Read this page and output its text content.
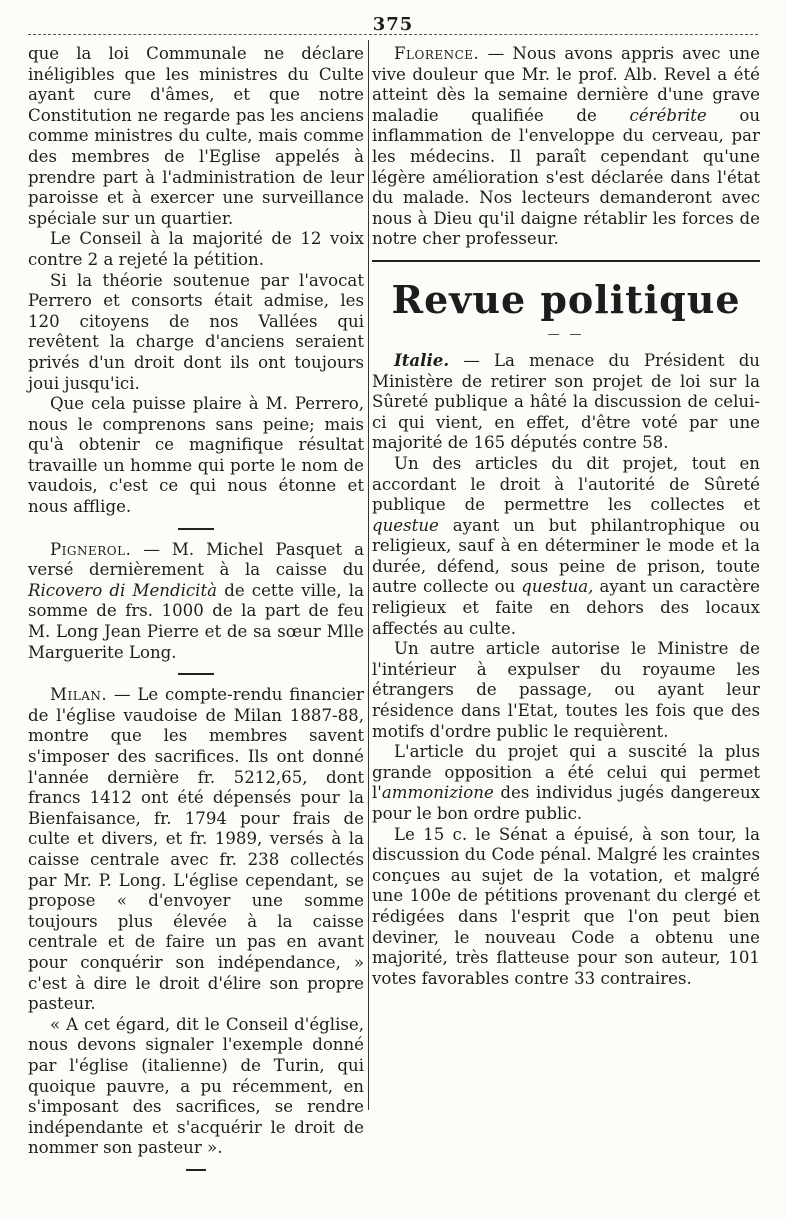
375

que la loi Communale ne déclare inéligibles que les ministres du Culte ayant cure d'âmes, et que notre Constitution ne regarde pas les anciens comme ministres du culte, mais comme des membres de l'Eglise appelés à prendre part à l'administration de leur paroisse et à exercer une surveillance spéciale sur un quartier.

Le Conseil à la majorité de 12 voix contre 2 a rejeté la pétition.

Si la théorie soutenue par l'avocat Perrero et consorts était admise, les 120 citoyens de nos Vallées qui revêtent la charge d'anciens seraient privés d'un droit dont ils ont toujours joui jusqu'ici.

Que cela puisse plaire à M. Perrero, nous le comprenons sans peine; mais qu'à obtenir ce magnifique résultat travaille un homme qui porte le nom de vaudois, c'est ce qui nous étonne et nous afflige.

Pignerol. — M. Michel Pasquet a versé dernièrement à la caisse du Ricovero di Mendicità de cette ville, la somme de frs. 1000 de la part de feu M. Long Jean Pierre et de sa sœur Mlle Marguerite Long.

Milan. — Le compte-rendu financier de l'église vaudoise de Milan 1887-88, montre que les membres savent s'imposer des sacrifices. Ils ont donné l'année dernière fr. 5212,65, dont francs 1412 ont été dépensés pour la Bienfaisance, fr. 1794 pour frais de culte et divers, et fr. 1989, versés à la caisse centrale avec fr. 238 collectés par Mr. P. Long. L'église cependant, se propose « d'envoyer une somme toujours plus élevée à la caisse centrale et de faire un pas en avant pour conquérir son indépendance, » c'est à dire le droit d'élire son propre pasteur.

« A cet égard, dit le Conseil d'église, nous devons signaler l'exemple donné par l'église (italienne) de Turin, qui quoique pauvre, a pu récemment, en s'imposant des sacrifices, se rendre indépendante et s'acquérir le droit de nommer son pasteur ».

Florence. — Nous avons appris avec une vive douleur que Mr. le prof. Alb. Revel a été atteint dès la semaine dernière d'une grave maladie qualifiée de cérébrite ou inflammation de l'enveloppe du cerveau, par les médecins. Il paraît cependant qu'une légère amélioration s'est déclarée dans l'état du malade. Nos lecteurs demanderont avec nous à Dieu qu'il daigne rétablir les forces de notre cher professeur.

Revue politique
— —

Italie. — La menace du Président du Ministère de retirer son projet de loi sur la Sûreté publique a hâté la discussion de celui-ci qui vient, en effet, d'être voté par une majorité de 165 députés contre 58.

Un des articles du dit projet, tout en accordant le droit à l'autorité de Sûreté publique de permettre les collectes et questue ayant un but philantrophique ou religieux, sauf à en déterminer le mode et la durée, défend, sous peine de prison, toute autre collecte ou questua, ayant un caractère religieux et faite en dehors des locaux affectés au culte.

Un autre article autorise le Ministre de l'intérieur à expulser du royaume les étrangers de passage, ou ayant leur résidence dans l'Etat, toutes les fois que des motifs d'ordre public le requièrent.

L'article du projet qui a suscité la plus grande opposition a été celui qui permet l'ammonizione des individus jugés dangereux pour le bon ordre public.

Le 15 c. le Sénat a épuisé, à son tour, la discussion du Code pénal. Malgré les craintes conçues au sujet de la votation, et malgré une 100e de pétitions provenant du clergé et rédigées dans l'esprit que l'on peut bien deviner, le nouveau Code a obtenu une majorité, très flatteuse pour son auteur, 101 votes favorables contre 33 contraires.
